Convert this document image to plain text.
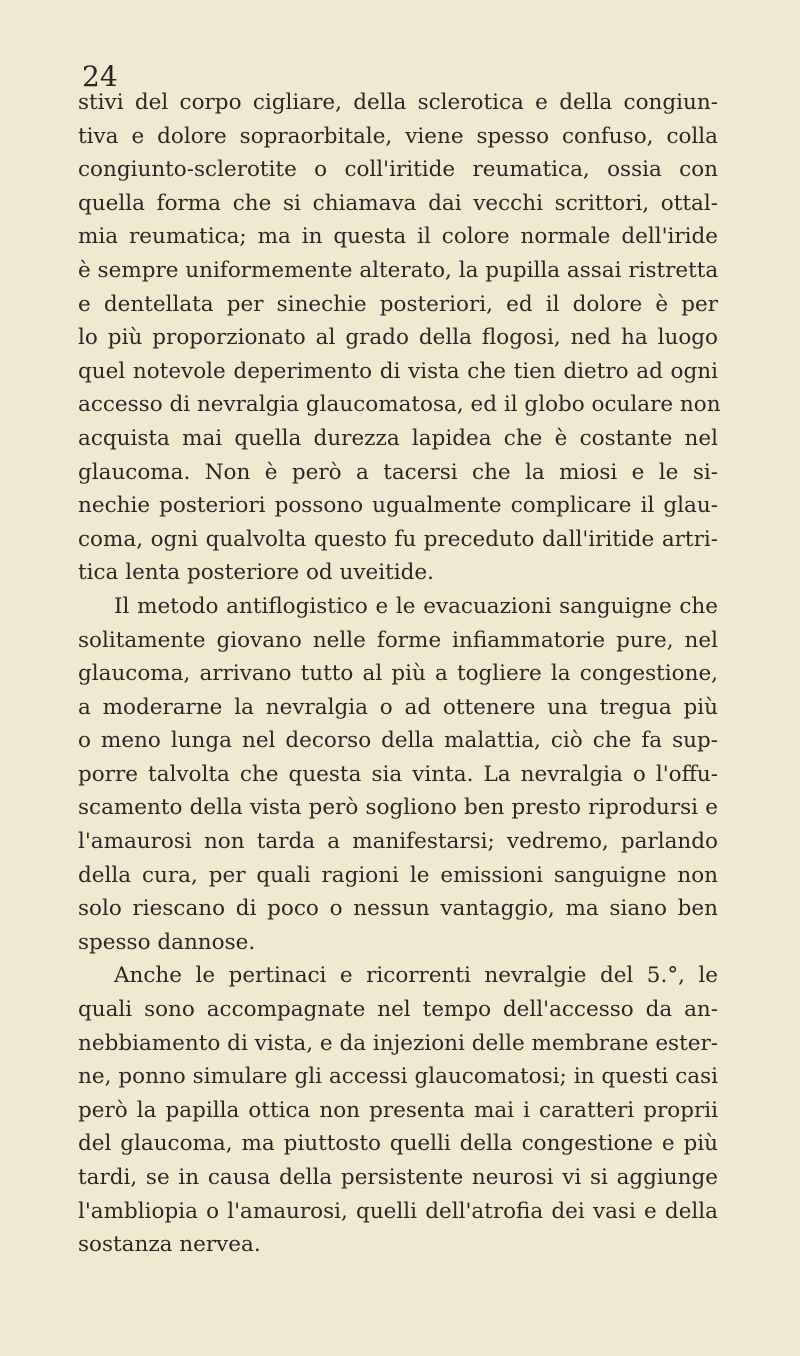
24
stivi del corpo cigliare, della sclerotica e della congiun-
tiva e dolore sopraorbitale, viene spesso confuso, colla
congiunto-sclerotite o coll'iritide reumatica, ossia con
quella forma che si chiamava dai vecchi scrittori, ottal-
mia reumatica; ma in questa il colore normale dell'iride
è sempre uniformemente alterato, la pupilla assai ristretta
e dentellata per sinechie posteriori, ed il dolore è per
lo più proporzionato al grado della flogosi, ned ha luogo
quel notevole deperimento di vista che tien dietro ad ogni
accesso di nevralgia glaucomatosa, ed il globo oculare non
acquista mai quella durezza lapidea che è costante nel
glaucoma. Non è però a tacersi che la miosi e le si-
nechie posteriori possono ugualmente complicare il glau-
coma, ogni qualvolta questo fu preceduto dall'iritide artri-
tica lenta posteriore od uveitide.
Il metodo antiflogistico e le evacuazioni sanguigne che
solitamente giovano nelle forme infiammatorie pure, nel
glaucoma, arrivano tutto al più a togliere la congestione,
a moderarne la nevralgia o ad ottenere una tregua più
o meno lunga nel decorso della malattia, ciò che fa sup-
porre talvolta che questa sia vinta. La nevralgia o l'offu-
scamento della vista però sogliono ben presto riprodursi e
l'amaurosi non tarda a manifestarsi; vedremo, parlando
della cura, per quali ragioni le emissioni sanguigne non
solo riescano di poco o nessun vantaggio, ma siano ben
spesso dannose.
Anche le pertinaci e ricorrenti nevralgie del 5.°, le
quali sono accompagnate nel tempo dell'accesso da an-
nebbiamento di vista, e da injezioni delle membrane ester-
ne, ponno simulare gli accessi glaucomatosi; in questi casi
però la papilla ottica non presenta mai i caratteri proprii
del glaucoma, ma piuttosto quelli della congestione e più
tardi, se in causa della persistente neurosi vi si aggiunge
l'ambliopia o l'amaurosi, quelli dell'atrofia dei vasi e della
sostanza nervea.
